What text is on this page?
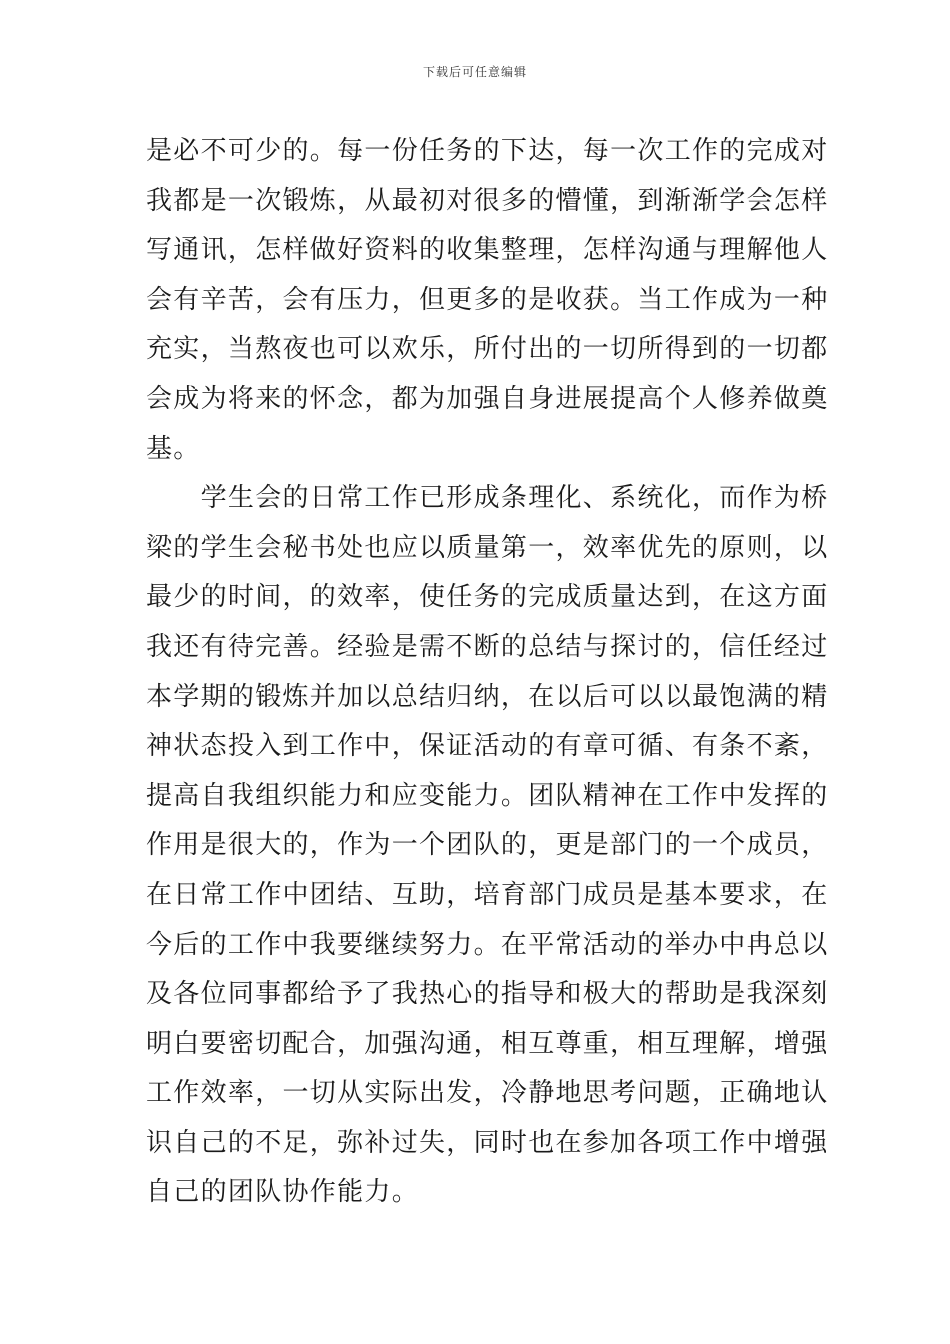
下载后可任意编辑
是必不可少的。每一份任务的下达，每一次工作的完成对
我都是一次锻炼，从最初对很多的懵懂，到渐渐学会怎样
写通讯，怎样做好资料的收集整理，怎样沟通与理解他人
会有辛苦，会有压力，但更多的是收获。当工作成为一种
充实，当熬夜也可以欢乐，所付出的一切所得到的一切都
会成为将来的怀念，都为加强自身进展提高个人修养做奠
基。
　　学生会的日常工作已形成条理化、系统化，而作为桥
梁的学生会秘书处也应以质量第一，效率优先的原则，以
最少的时间，的效率，使任务的完成质量达到，在这方面
我还有待完善。经验是需不断的总结与探讨的，信任经过
本学期的锻炼并加以总结归纳，在以后可以以最饱满的精
神状态投入到工作中，保证活动的有章可循、有条不紊，
提高自我组织能力和应变能力。团队精神在工作中发挥的
作用是很大的，作为一个团队的，更是部门的一个成员，
在日常工作中团结、互助，培育部门成员是基本要求，在
今后的工作中我要继续努力。在平常活动的举办中冉总以
及各位同事都给予了我热心的指导和极大的帮助是我深刻
明白要密切配合，加强沟通，相互尊重，相互理解，增强
工作效率，一切从实际出发，冷静地思考问题，正确地认
识自己的不足，弥补过失，同时也在参加各项工作中增强
自己的团队协作能力。
